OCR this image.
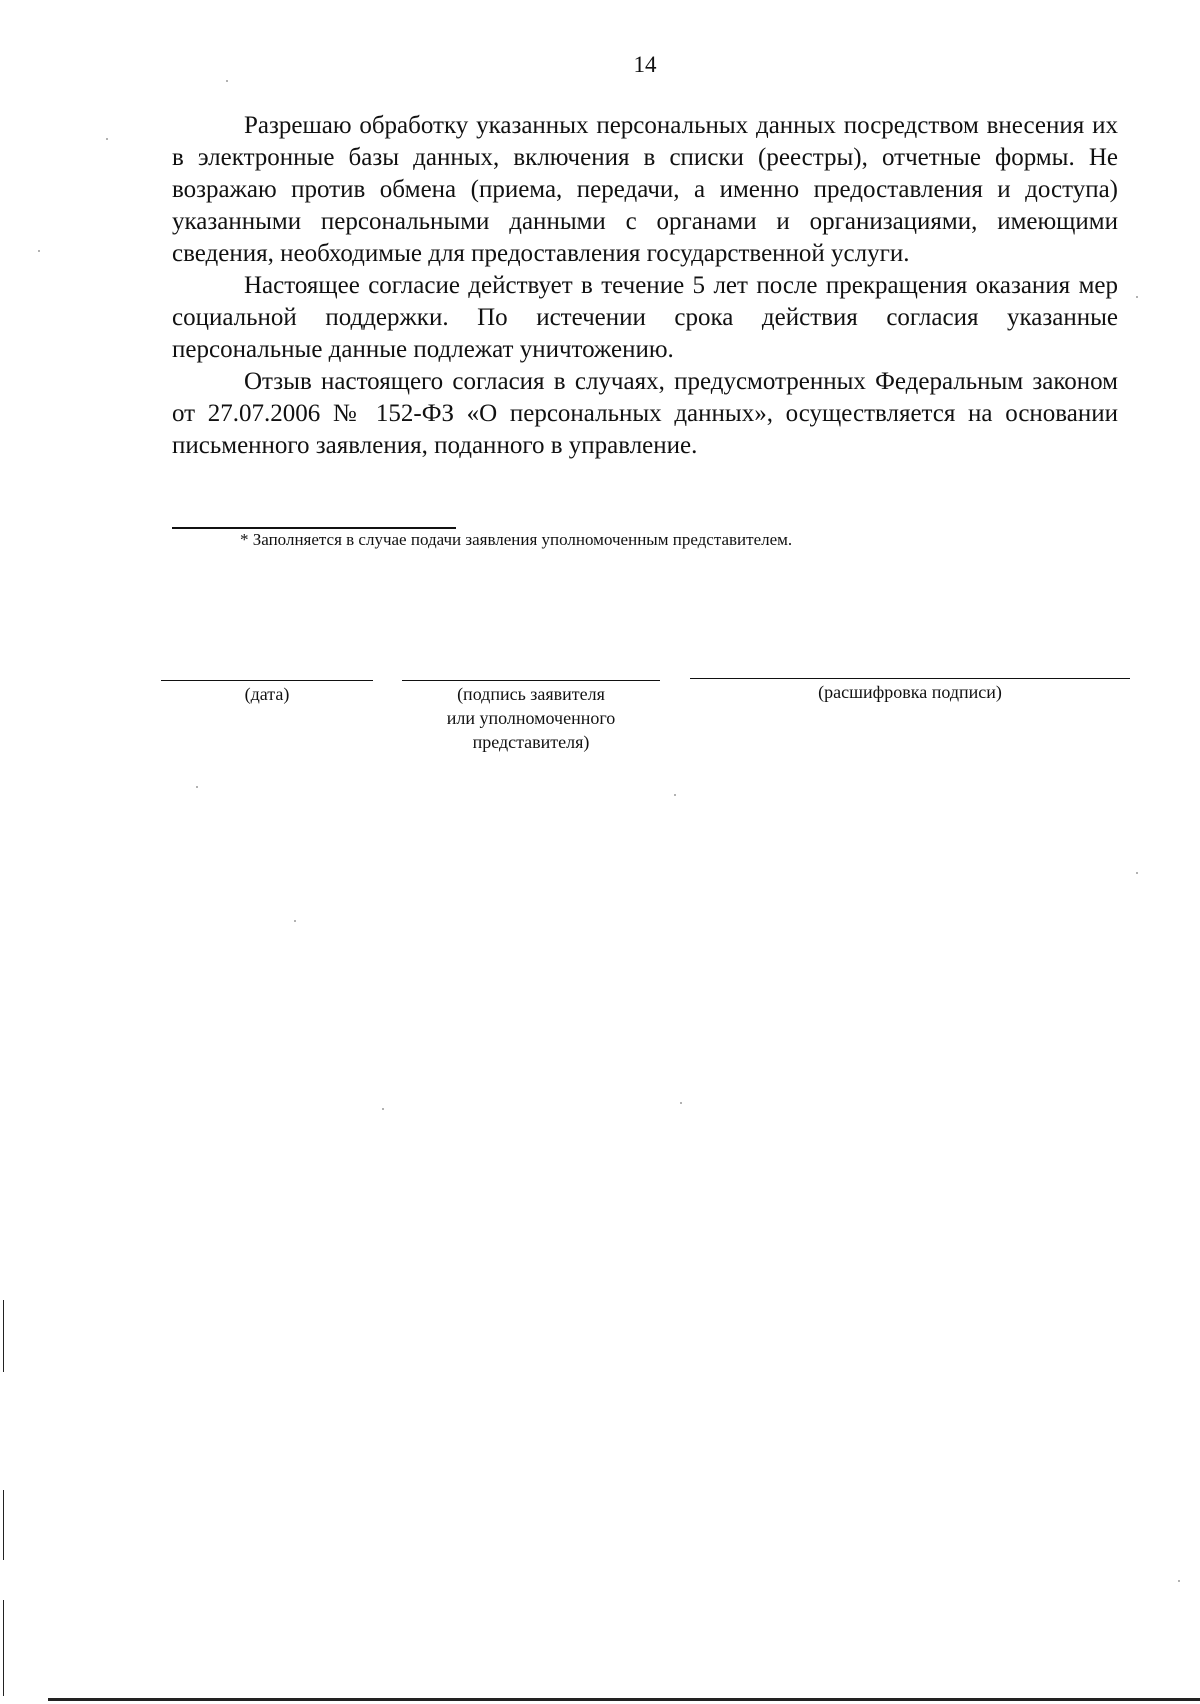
14

Разрешаю обработку указанных персональных данных посредством внесения их в электронные базы данных, включения в списки (реестры), отчетные формы. Не возражаю против обмена (приема, передачи, а именно предоставления и доступа) указанными персональными данными с органами и организациями, имеющими сведения, необходимые для предоставления государственной услуги.

Настоящее согласие действует в течение 5 лет после прекращения оказания мер социальной поддержки. По истечении срока действия согласия указанные персональные данные подлежат уничтожению.

Отзыв настоящего согласия в случаях, предусмотренных Федеральным законом от 27.07.2006 № 152-ФЗ «О персональных данных», осуществляется на основании письменного заявления, поданного в управление.

* Заполняется в случае подачи заявления уполномоченным представителем.
(дата)	(подпись заявителя
или уполномоченного
представителя)
(расшифровка подписи)
